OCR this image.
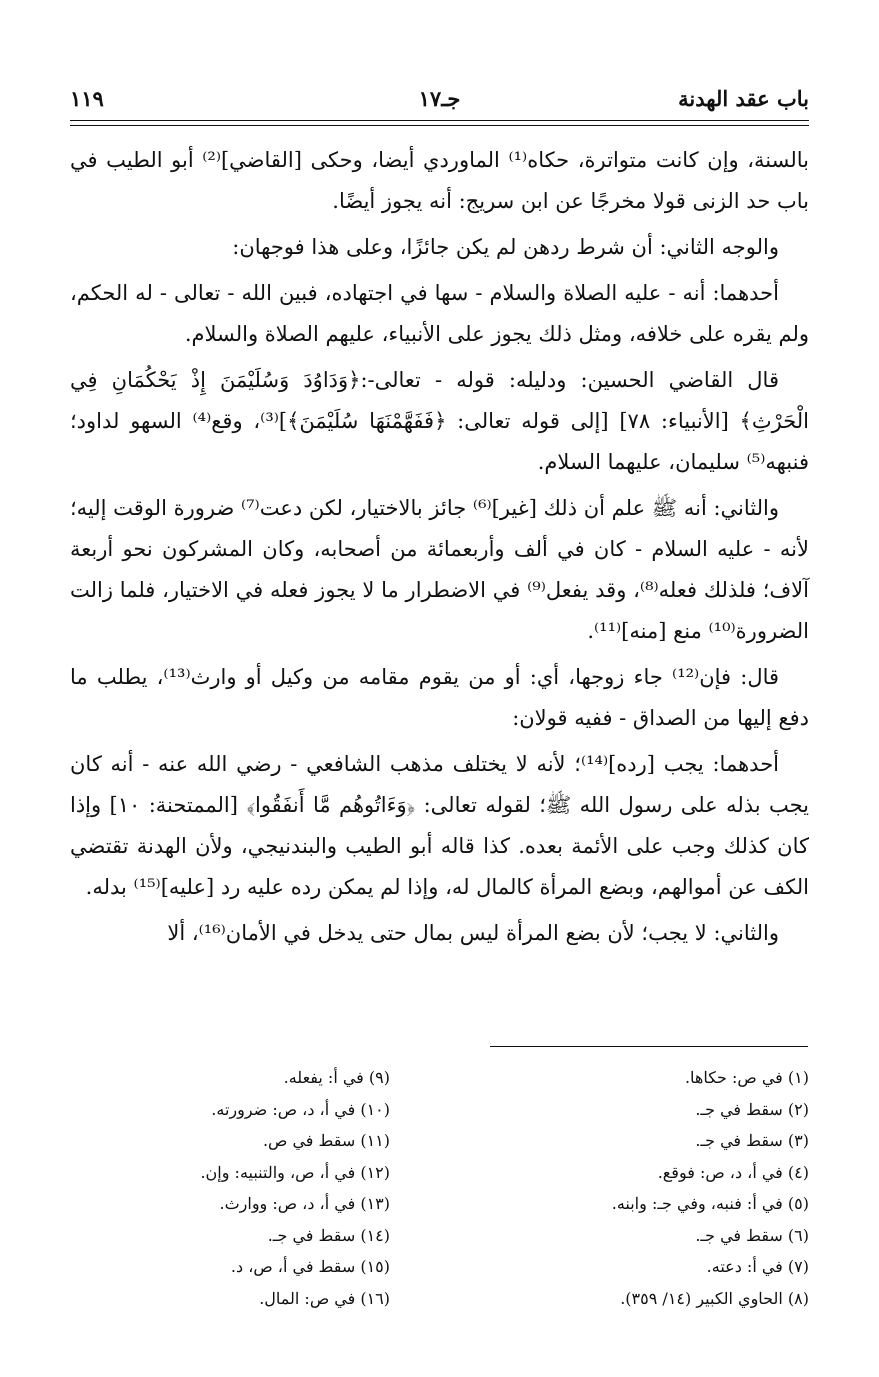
باب عقد الهدنة
جـ١٧
١١٩

بالسنة، وإن كانت متواترة، حكاه⁽¹⁾ الماوردي أيضا، وحكى [القاضي]⁽²⁾ أبو الطيب في باب حد الزنى قولا مخرجًا عن ابن سريج: أنه يجوز أيضًا.

والوجه الثاني: أن شرط ردهن لم يكن جائزًا، وعلى هذا فوجهان:

أحدهما: أنه - عليه الصلاة والسلام - سها في اجتهاده، فبين الله - تعالى - له الحكم، ولم يقره على خلافه، ومثل ذلك يجوز على الأنبياء، عليهم الصلاة والسلام.

قال القاضي الحسين: ودليله: قوله - تعالى-:﴿وَدَاوُدَ وَسُلَيْمَنَ إِذْ يَحْكُمَانِ فِي الْحَرْثِ﴾ [الأنبياء: ٧٨] [إلى قوله تعالى: ﴿فَفَهَّمْنَهَا سُلَيْمَنَ﴾]⁽³⁾، وقع⁽⁴⁾ السهو لداود؛ فنبهه⁽⁵⁾ سليمان، عليهما السلام.

والثاني: أنه ﷺ علم أن ذلك [غير]⁽⁶⁾ جائز بالاختيار، لكن دعت⁽⁷⁾ ضرورة الوقت إليه؛ لأنه - عليه السلام - كان في ألف وأربعمائة من أصحابه، وكان المشركون نحو أربعة آلاف؛ فلذلك فعله⁽⁸⁾، وقد يفعل⁽⁹⁾ في الاضطرار ما لا يجوز فعله في الاختيار، فلما زالت الضرورة⁽¹⁰⁾ منع [منه]⁽¹¹⁾.

قال: فإن⁽¹²⁾ جاء زوجها، أي: أو من يقوم مقامه من وكيل أو وارث⁽¹³⁾، يطلب ما دفع إليها من الصداق - ففيه قولان:

أحدهما: يجب [رده]⁽¹⁴⁾؛ لأنه لا يختلف مذهب الشافعي - رضي الله عنه - أنه كان يجب بذله على رسول الله ﷺ؛ لقوله تعالى: ﴿وَءَاتُوهُم مَّا أَنفَقُوا﴾ [الممتحنة: ١٠] وإذا كان كذلك وجب على الأئمة بعده. كذا قاله أبو الطيب والبندنيجي، ولأن الهدنة تقتضي الكف عن أموالهم، وبضع المرأة كالمال له، وإذا لم يمكن رده عليه رد [عليه]⁽¹⁵⁾ بدله.

والثاني: لا يجب؛ لأن بضع المرأة ليس بمال حتى يدخل في الأمان⁽¹⁶⁾، ألا

(١) في ص: حكاها.
(٢) سقط في جـ.
(٣) سقط في جـ.
(٤) في أ، د، ص: فوقع.
(٥) في أ: فنبه، وفي جـ: وابنه.
(٦) سقط في جـ.
(٧) في أ: دعته.
(٨) الحاوي الكبير (١٤/ ٣٥٩).
(٩) في أ: يفعله.
(١٠) في أ، د، ص: ضرورته.
(١١) سقط في ص.
(١٢) في أ، ص، والتنبيه: وإن.
(١٣) في أ، د، ص: ووارث.
(١٤) سقط في جـ.
(١٥) سقط في أ، ص، د.
(١٦) في ص: المال.
